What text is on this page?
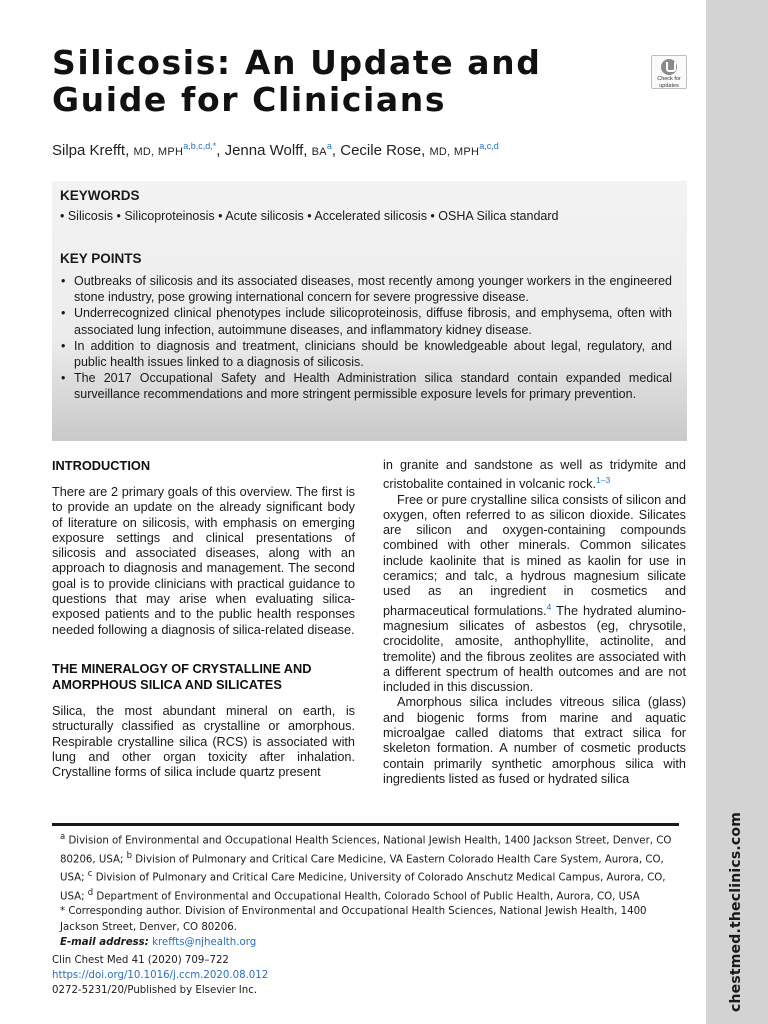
chestmed.theclinics.com
Silicosis: An Update and
Guide for Clinicians
Check for
updates
Silpa Krefft, MD, MPH$^{a,b,c,d,*}$, Jenna Wolff, BA$^a$, Cecile Rose, MD, MPH$^{a,c,d}$
KEYWORDS
• Silicosis • Silicoproteinosis • Acute silicosis • Accelerated silicosis • OSHA Silica standard
KEY POINTS
• Outbreaks of silicosis and its associated diseases, most recently among younger workers in the engineered stone industry, pose growing international concern for severe progressive disease.
• Underrecognized clinical phenotypes include silicoproteinosis, diffuse fibrosis, and emphysema, often with associated lung infection, autoimmune diseases, and inflammatory kidney disease.
• In addition to diagnosis and treatment, clinicians should be knowledgeable about legal, regulatory, and public health issues linked to a diagnosis of silicosis.
• The 2017 Occupational Safety and Health Administration silica standard contain expanded medical surveillance recommendations and more stringent permissible exposure levels for primary prevention.
INTRODUCTION

There are 2 primary goals of this overview. The first is to provide an update on the already significant body of literature on silicosis, with emphasis on emerging exposure settings and clinical presentations of silicosis and associated diseases, along with an approach to diagnosis and management. The second goal is to provide clinicians with practical guidance to questions that may arise when evaluating silica-exposed patients and to the public health responses needed following a diagnosis of silica-related disease.

THE MINERALOGY OF CRYSTALLINE AND AMORPHOUS SILICA AND SILICATES

Silica, the most abundant mineral on earth, is structurally classified as crystalline or amorphous. Respirable crystalline silica (RCS) is associated with lung and other organ toxicity after inhalation. Crystalline forms of silica include quartz present

in granite and sandstone as well as tridymite and cristobalite contained in volcanic rock.$^{1-3}$

Free or pure crystalline silica consists of silicon and oxygen, often referred to as silicon dioxide. Silicates are silicon and oxygen-containing compounds combined with other minerals. Common silicates include kaolinite that is mined as kaolin for use in ceramics; and talc, a hydrous magnesium silicate used as an ingredient in cosmetics and pharmaceutical formulations.$^4$ The hydrated alumino-magnesium silicates of asbestos (eg, chrysotile, crocidolite, amosite, anthophyllite, actinolite, and tremolite) and the fibrous zeolites are associated with a different spectrum of health outcomes and are not included in this discussion.

Amorphous silica includes vitreous silica (glass) and biogenic forms from marine and aquatic microalgae called diatoms that extract silica for skeleton formation. A number of cosmetic products contain primarily synthetic amorphous silica with ingredients listed as fused or hydrated silica

$^a$ Division of Environmental and Occupational Health Sciences, National Jewish Health, 1400 Jackson Street, Denver, CO 80206, USA; $^b$ Division of Pulmonary and Critical Care Medicine, VA Eastern Colorado Health Care System, Aurora, CO, USA; $^c$ Division of Pulmonary and Critical Care Medicine, University of Colorado Anschutz Medical Campus, Aurora, CO, USA; $^d$ Department of Environmental and Occupational Health, Colorado School of Public Health, Aurora, CO, USA

* Corresponding author. Division of Environmental and Occupational Health Sciences, National Jewish Health, 1400 Jackson Street, Denver, CO 80206.

E-mail address: kreffts@njhealth.org

Clin Chest Med 41 (2020) 709–722
https://doi.org/10.1016/j.ccm.2020.08.012
0272-5231/20/Published by Elsevier Inc.
